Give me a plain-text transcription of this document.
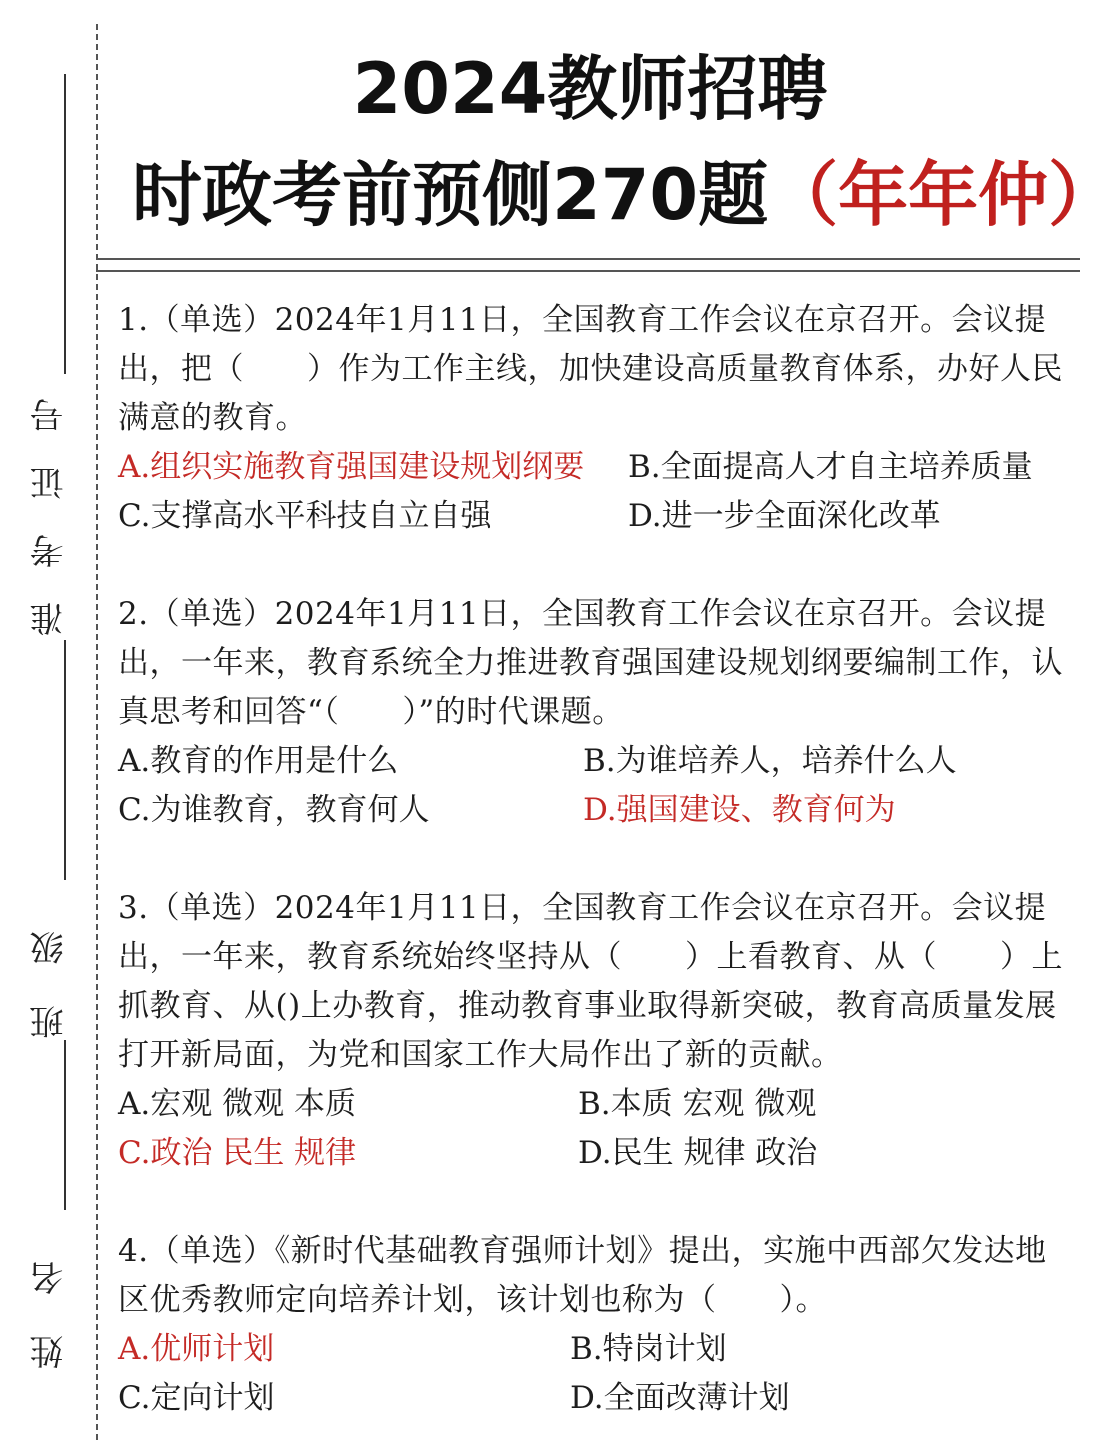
准考证号
班级
姓名
2024教师招聘
时政考前预侧270题（年年仲）

1.（单选）2024年1月11日，全国教育工作会议在京召开。会议提出，把（　　）作为工作主线，加快建设高质量教育体系，办好人民满意的教育。

A.组织实施教育强国建设规划纲要 B.全面提高人才自主培养质量
C.支撑高水平科技自立自强	D.进一步全面深化改革

2.（单选）2024年1月11日，全国教育工作会议在京召开。会议提出，一年来，教育系统全力推进教育强国建设规划纲要编制工作，认真思考和回答“（　　）”的时代课题。

A.教育的作用是什么	B.为谁培养人，培养什么人
C.为谁教育，教育何人	D.强国建设、教育何为

3.（单选）2024年1月11日，全国教育工作会议在京召开。会议提出，一年来，教育系统始终坚持从（　　）上看教育、从（　　）上抓教育、从()上办教育，推动教育事业取得新突破，教育高质量发展打开新局面，为党和国家工作大局作出了新的贡献。

A.宏观 微观 本质	B.本质 宏观 微观
C.政治 民生 规律	D.民生 规律 政治

4.（单选）《新时代基础教育强师计划》提出，实施中西部欠发达地区优秀教师定向培养计划，该计划也称为（　　）。

A.优师计划	B.特岗计划
C.定向计划	D.全面改薄计划
